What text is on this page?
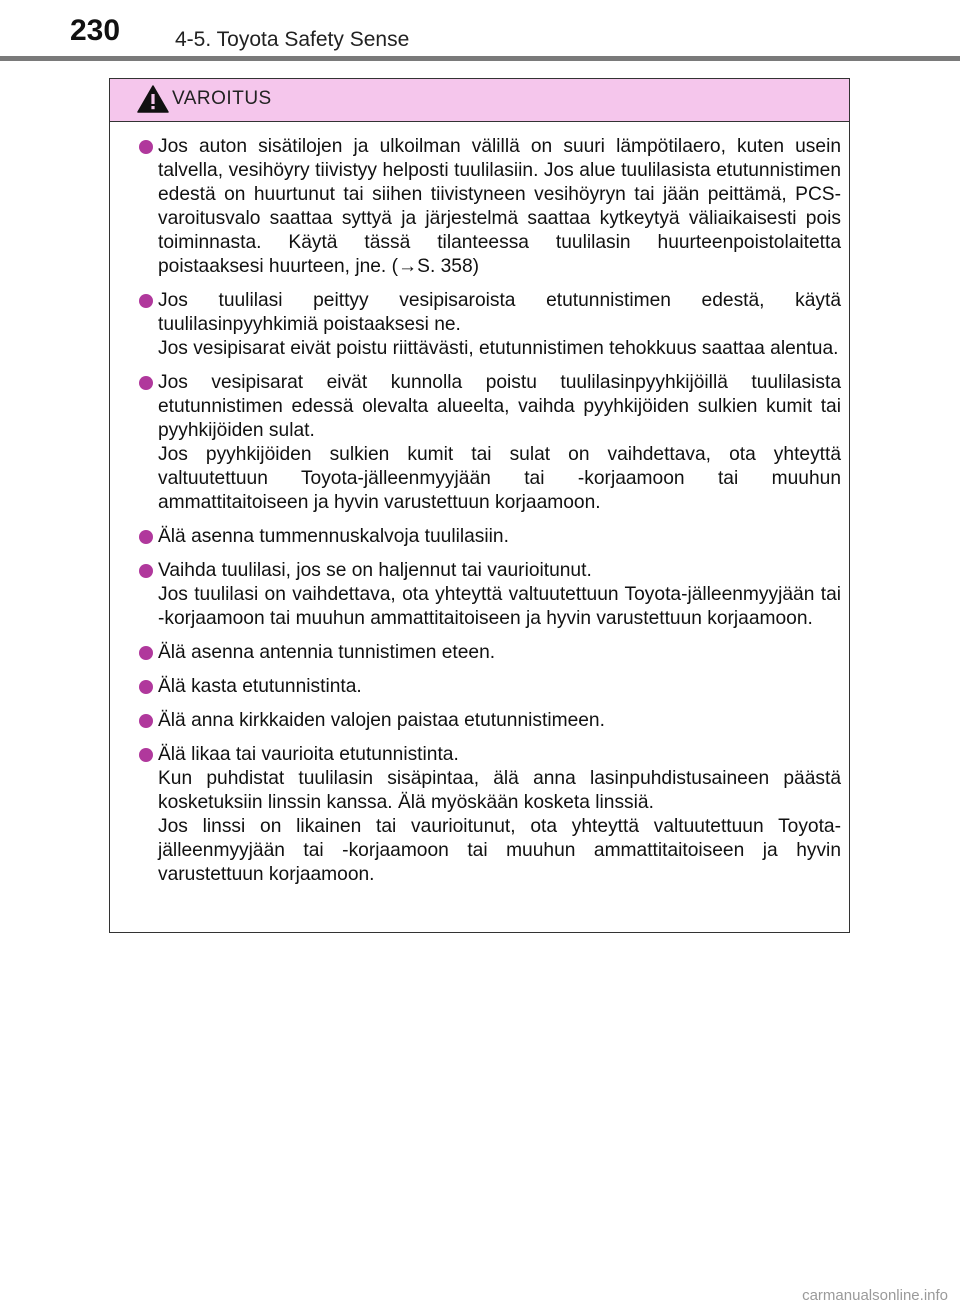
230	4-5. Toyota Safety Sense
VAROITUS

Jos auton sisätilojen ja ulkoilman välillä on suuri lämpötilaero, kuten usein talvella, vesihöyry tiivistyy helposti tuulilasiin. Jos alue tuulilasista etutunnistimen edestä on huurtunut tai siihen tiivistyneen vesihöyryn tai jään peittämä, PCS-varoitusvalo saattaa syttyä ja järjestelmä saattaa kytkeytyä väliaikaisesti pois toiminnasta. Käytä tässä tilanteessa tuulilasin huurteenpoistolaitetta poistaaksesi huurteen, jne. (→S. 358)

Jos tuulilasi peittyy vesipisaroista etutunnistimen edestä, käytä tuulilasinpyyhkimiä poistaaksesi ne.

Jos vesipisarat eivät poistu riittävästi, etutunnistimen tehokkuus saattaa alentua.

Jos vesipisarat eivät kunnolla poistu tuulilasinpyyhkijöillä tuulilasista etutunnistimen edessä olevalta alueelta, vaihda pyyhkijöiden sulkien kumit tai pyyhkijöiden sulat.

Jos pyyhkijöiden sulkien kumit tai sulat on vaihdettava, ota yhteyttä valtuutettuun Toyota-jälleenmyyjään tai -korjaamoon tai muuhun ammattitaitoiseen ja hyvin varustettuun korjaamoon.

Älä asenna tummennuskalvoja tuulilasiin.

Vaihda tuulilasi, jos se on haljennut tai vaurioitunut.

Jos tuulilasi on vaihdettava, ota yhteyttä valtuutettuun Toyota-jälleenmyyjään tai -korjaamoon tai muuhun ammattitaitoiseen ja hyvin varustettuun korjaamoon.

Älä asenna antennia tunnistimen eteen.

Älä kasta etutunnistinta.

Älä anna kirkkaiden valojen paistaa etutunnistimeen.

Älä likaa tai vaurioita etutunnistinta.

Kun puhdistat tuulilasin sisäpintaa, älä anna lasinpuhdistusaineen päästä kosketuksiin linssin kanssa. Älä myöskään kosketa linssiä.

Jos linssi on likainen tai vaurioitunut, ota yhteyttä valtuutettuun Toyota-jälleenmyyjään tai -korjaamoon tai muuhun ammattitaitoiseen ja hyvin varustettuun korjaamoon.

carmanualsonline.info
